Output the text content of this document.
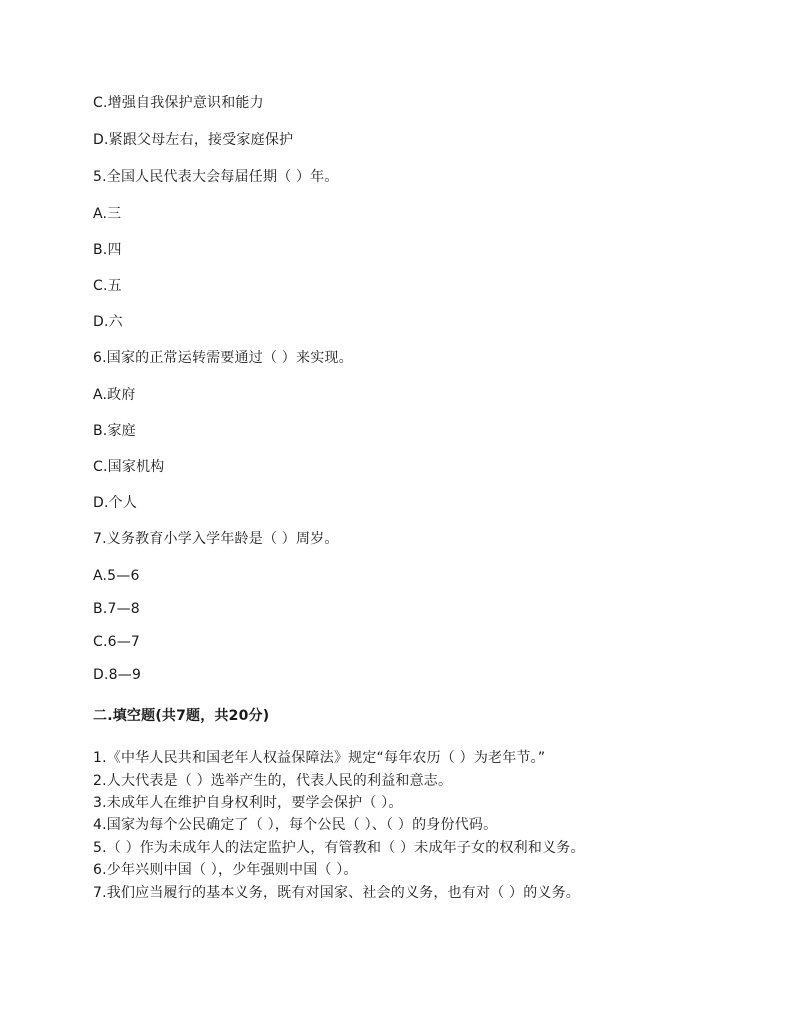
C.增强自我保护意识和能力
D.紧跟父母左右，接受家庭保护
5.全国人民代表大会每届任期（ ）年。
A.三
B.四
C.五
D.六
6.国家的正常运转需要通过（ ）来实现。
A.政府
B.家庭
C.国家机构
D.个人
7.义务教育小学入学年龄是（ ）周岁。
A.5—6
B.7—8
C.6—7
D.8—9
二.填空题(共7题，共20分)
1.《中华人民共和国老年人权益保障法》规定“每年农历（ ）为老年节。”
2.人大代表是（ ）选举产生的，代表人民的利益和意志。
3.未成年人在维护自身权利时，要学会保护（ ）。
4.国家为每个公民确定了（ ），每个公民（ ）、（ ）的身份代码。
5.（ ）作为未成年人的法定监护人，有管教和（ ）未成年子女的权利和义务。
6.少年兴则中国（ ），少年强则中国（ ）。
7.我们应当履行的基本义务，既有对国家、社会的义务，也有对（ ）的义务。
